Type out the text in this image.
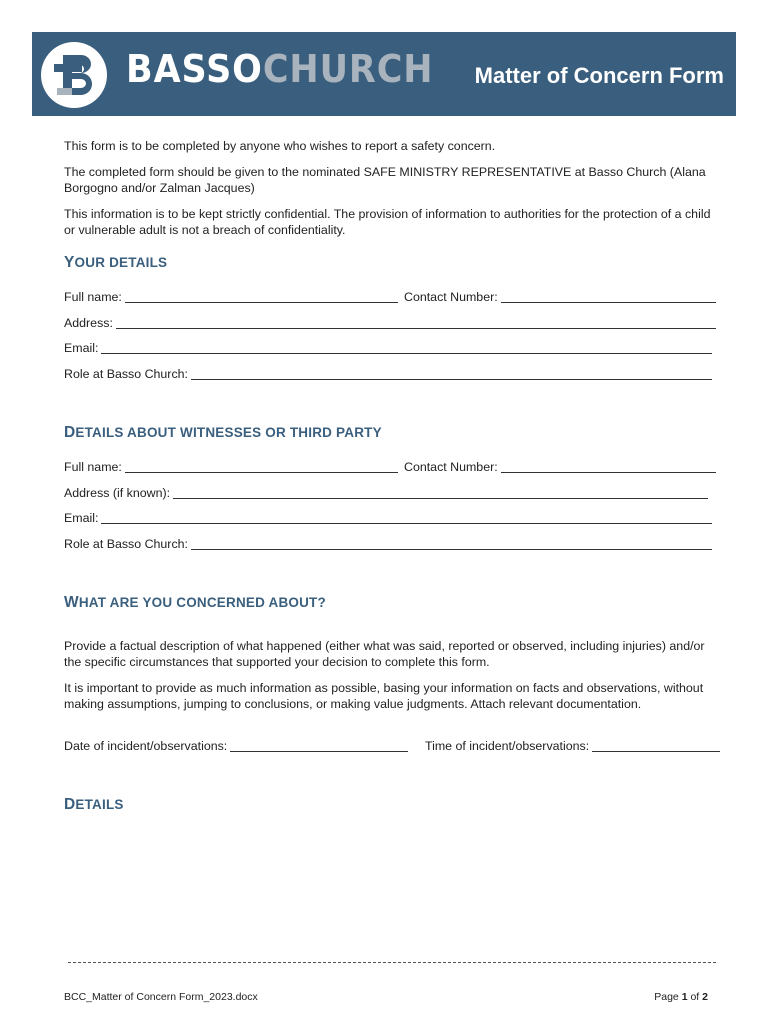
BASSOCHURCH Matter of Concern Form
This form is to be completed by anyone who wishes to report a safety concern.
The completed form should be given to the nominated SAFE MINISTRY REPRESENTATIVE at Basso Church (Alana Borgogno and/or Zalman Jacques)
This information is to be kept strictly confidential. The provision of information to authorities for the protection of a child or vulnerable adult is not a breach of confidentiality.
YOUR DETAILS
Full name:	Contact Number:
Address:
Email:
Role at Basso Church:
DETAILS ABOUT WITNESSES OR THIRD PARTY
Full name:	Contact Number:
Address (if known):
Email:
Role at Basso Church:
WHAT ARE YOU CONCERNED ABOUT?
Provide a factual description of what happened (either what was said, reported or observed, including injuries) and/or the specific circumstances that supported your decision to complete this form.
It is important to provide as much information as possible, basing your information on facts and observations, without making assumptions, jumping to conclusions, or making value judgments. Attach relevant documentation.
Date of incident/observations:	Time of incident/observations:
DETAILS
BCC_Matter of Concern Form_2023.docx	Page 1 of 2
